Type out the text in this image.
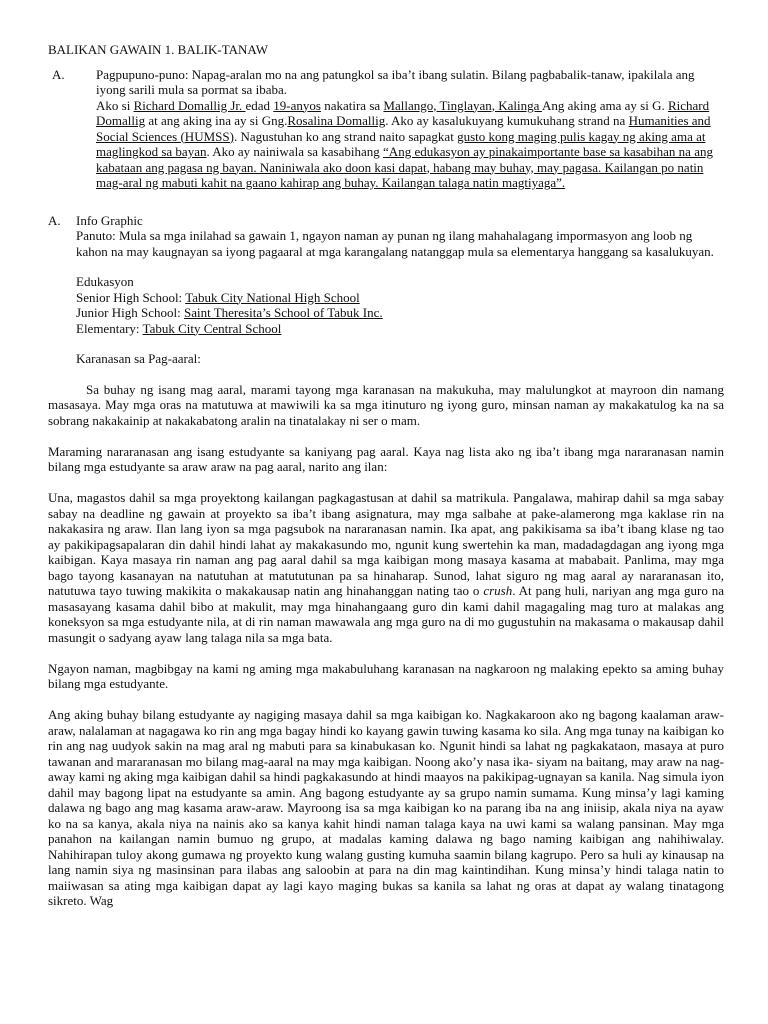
BALIKAN GAWAIN 1. BALIK-TANAW
A.	Pagpupuno-puno: Napag-aralan mo na ang patungkol sa iba’t ibang sulatin. Bilang pagbabalik-tanaw, ipakilala ang iyong sarili mula sa pormat sa ibaba.

Ako si Richard Domallig Jr. edad 19-anyos nakatira sa Mallango, Tinglayan, Kalinga Ang aking ama ay si G. Richard Domallig at ang aking ina ay si Gng.Rosalina Domallig. Ako ay kasalukuyang kumukuhang strand na Humanities and Social Sciences (HUMSS). Nagustuhan ko ang strand naito sapagkat gusto kong maging pulis kagay ng aking ama at maglingkod sa bayan. Ako ay nainiwala sa kasabihang “Ang edukasyon ay pinakaimportante base sa kasabihan na ang kabataan ang pagasa ng bayan. Naniniwala ako doon kasi dapat, habang may buhay, may pagasa. Kailangan po natin mag-aral ng mabuti kahit na gaano kahirap ang buhay. Kailangan talaga natin magtiyaga”.

A.	Info Graphic

Panuto: Mula sa mga inilahad sa gawain 1, ngayon naman ay punan ng ilang mahahalagang impormasyon ang loob ng kahon na may kaugnayan sa iyong pagaaral at mga karangalang natanggap mula sa elementarya hanggang sa kasalukuyan.

Edukasyon

Senior High School: Tabuk City National High School

Junior High School: Saint Theresita’s School of Tabuk Inc.

Elementary: Tabuk City Central School

Karanasan sa Pag-aaral:

Sa buhay ng isang mag aaral, marami tayong mga karanasan na makukuha, may malulungkot at mayroon din namang masasaya. May mga oras na matutuwa at mawiwili ka sa mga itinuturo ng iyong guro, minsan naman ay makakatulog ka na sa sobrang nakakainip at nakakabatong aralin na tinatalakay ni ser o mam.

Maraming nararanasan ang isang estudyante sa kaniyang pag aaral. Kaya nag lista ako ng iba’t ibang mga nararanasan namin bilang mga estudyante sa araw araw na pag aaral, narito ang ilan:

Una, magastos dahil sa mga proyektong kailangan pagkagastusan at dahil sa matrikula. Pangalawa, mahirap dahil sa mga sabay sabay na deadline ng gawain at proyekto sa iba’t ibang asignatura, may mga salbahe at pake-alamerong mga kaklase rin na nakakasira ng araw. Ilan lang iyon sa mga pagsubok na nararanasan namin. Ika apat, ang pakikisama sa iba’t ibang klase ng tao ay pakikipagsapalaran din dahil hindi lahat ay makakasundo mo, ngunit kung swertehin ka man, madadagdagan ang iyong mga kaibigan. Kaya masaya rin naman ang pag aaral dahil sa mga kaibigan mong masaya kasama at mababait. Panlima, may mga bago tayong kasanayan na natutuhan at matututunan pa sa hinaharap. Sunod, lahat siguro ng mag aaral ay nararanasan ito, natutuwa tayo tuwing makikita o makakausap natin ang hinahanggan nating tao o crush. At pang huli, nariyan ang mga guro na masasayang kasama dahil bibo at makulit, may mga hinahangaang guro din kami dahil magagaling mag turo at malakas ang koneksyon sa mga estudyante nila, at di rin naman mawawala ang mga guro na di mo gugustuhin na makasama o makausap dahil masungit o sadyang ayaw lang talaga nila sa mga bata.

Ngayon naman, magbibgay na kami ng aming mga makabuluhang karanasan na nagkaroon ng malaking epekto sa aming buhay bilang mga estudyante.

Ang aking buhay bilang estudyante ay nagiging masaya dahil sa mga kaibigan ko. Nagkakaroon ako ng bagong kaalaman araw-araw, nalalaman at nagagawa ko rin ang mga bagay hindi ko kayang gawin tuwing kasama ko sila. Ang mga tunay na kaibigan ko rin ang nag uudyok sakin na mag aral ng mabuti para sa kinabukasan ko. Ngunit hindi sa lahat ng pagkakataon, masaya at puro tawanan and mararanasan mo bilang mag-aaral na may mga kaibigan. Noong ako’y nasa ika- siyam na baitang, may araw na nag-away kami ng aking mga kaibigan dahil sa hindi pagkakasundo at hindi maayos na pakikipag-ugnayan sa kanila. Nag simula iyon dahil may bagong lipat na estudyante sa amin. Ang bagong estudyante ay sa grupo namin sumama. Kung minsa’y lagi kaming dalawa ng bago ang mag kasama araw-araw. Mayroong isa sa mga kaibigan ko na parang iba na ang iniisip, akala niya na ayaw ko na sa kanya, akala niya na nainis ako sa kanya kahit hindi naman talaga kaya na uwi kami sa walang pansinan. May mga panahon na kailangan namin bumuo ng grupo, at madalas kaming dalawa ng bago naming kaibigan ang nahihiwalay. Nahihirapan tuloy akong gumawa ng proyekto kung walang gusting kumuha saamin bilang kagrupo. Pero sa huli ay kinausap na lang namin siya ng masinsinan para ilabas ang saloobin at para na din mag kaintindihan. Kung minsa’y hindi talaga natin to maiiwasan sa ating mga kaibigan dapat ay lagi kayo maging bukas sa kanila sa lahat ng oras at dapat ay walang tinatagong sikreto. Wag
